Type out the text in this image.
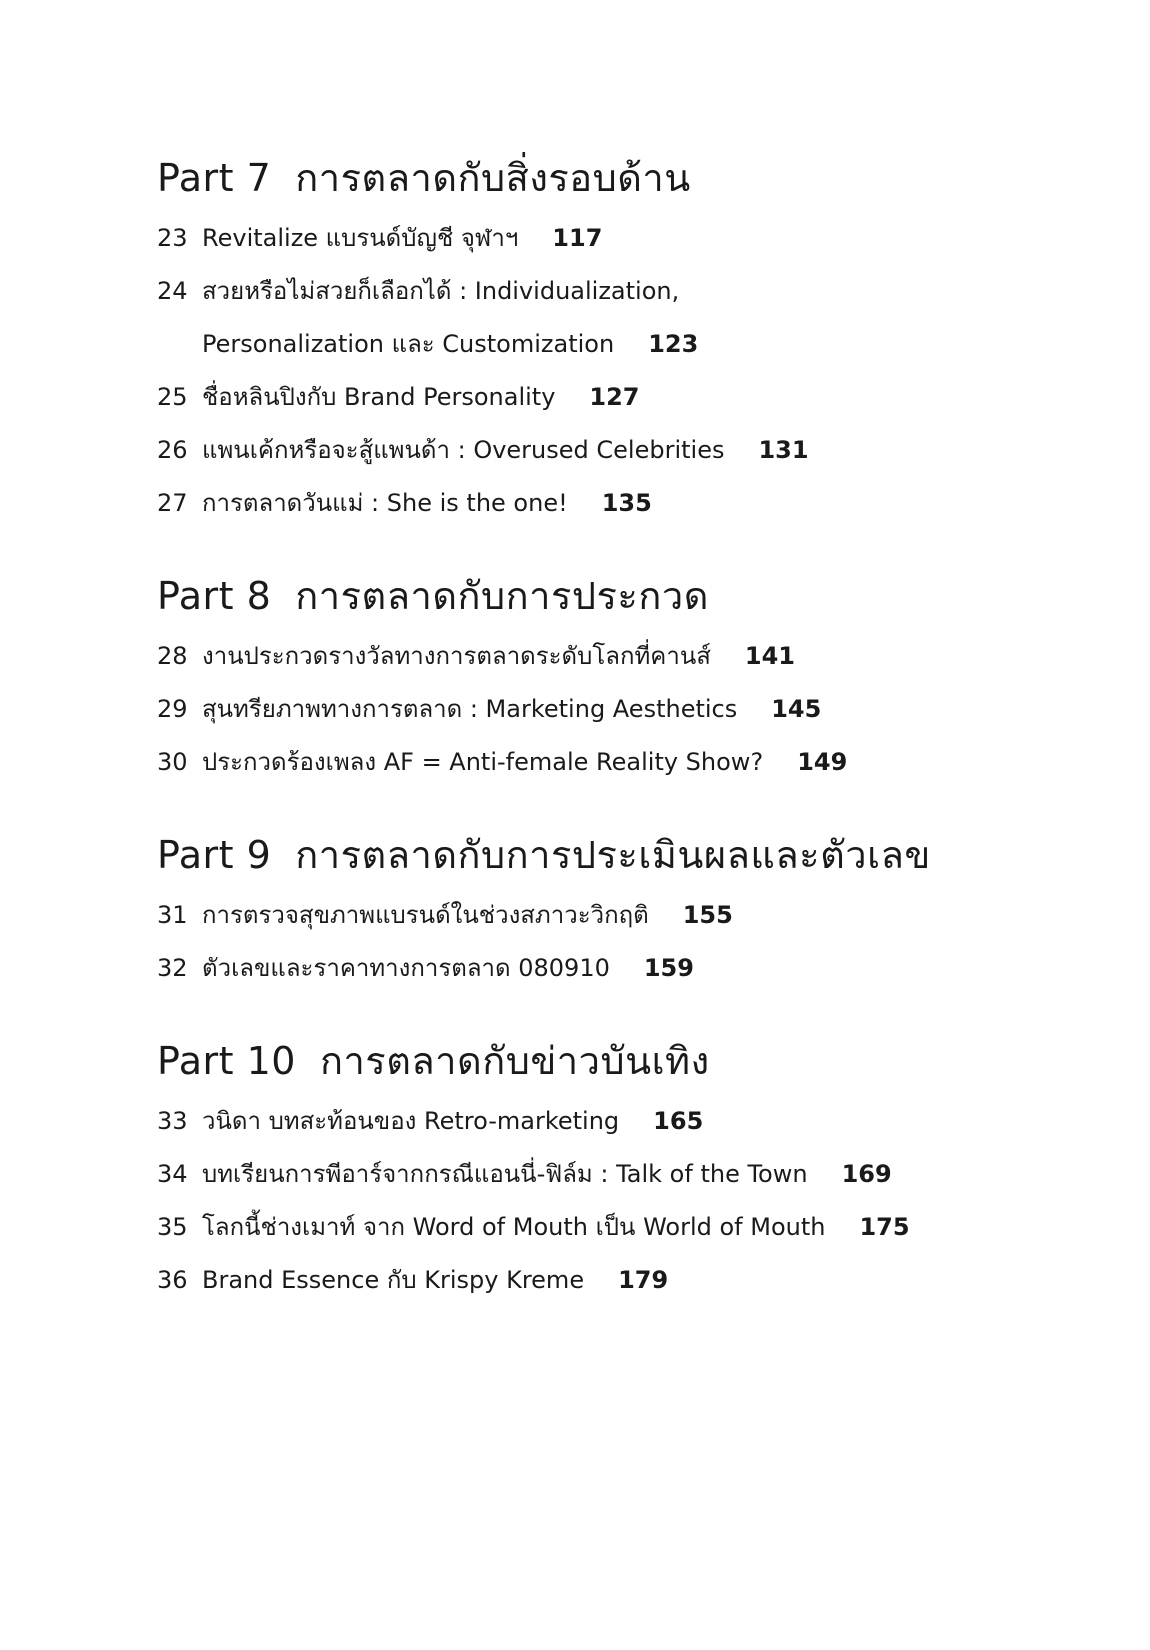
Part 7 การตลาดกับสิ่งรอบด้าน
23 Revitalize แบรนด์บัญชี จุฬาฯ 117
24 สวยหรือไม่สวยก็เลือกได้ : Individualization,
Personalization และ Customization 123
25 ชื่อหลินปิงกับ Brand Personality 127
26 แพนเค้กหรือจะสู้แพนด้า : Overused Celebrities 131
27 การตลาดวันแม่ : She is the one! 135
Part 8 การตลาดกับการประกวด
28 งานประกวดรางวัลทางการตลาดระดับโลกที่คานส์ 141
29 สุนทรียภาพทางการตลาด : Marketing Aesthetics 145
30 ประกวดร้องเพลง AF = Anti-female Reality Show? 149
Part 9 การตลาดกับการประเมินผลและตัวเลข
31 การตรวจสุขภาพแบรนด์ในช่วงสภาวะวิกฤติ 155
32 ตัวเลขและราคาทางการตลาด 080910 159
Part 10 การตลาดกับข่าวบันเทิง
33 วนิดา บทสะท้อนของ Retro-marketing 165
34 บทเรียนการพีอาร์จากกรณีแอนนี่-ฟิล์ม : Talk of the Town 169
35 โลกนี้ช่างเมาท์ จาก Word of Mouth เป็น World of Mouth 175
36 Brand Essence กับ Krispy Kreme 179
